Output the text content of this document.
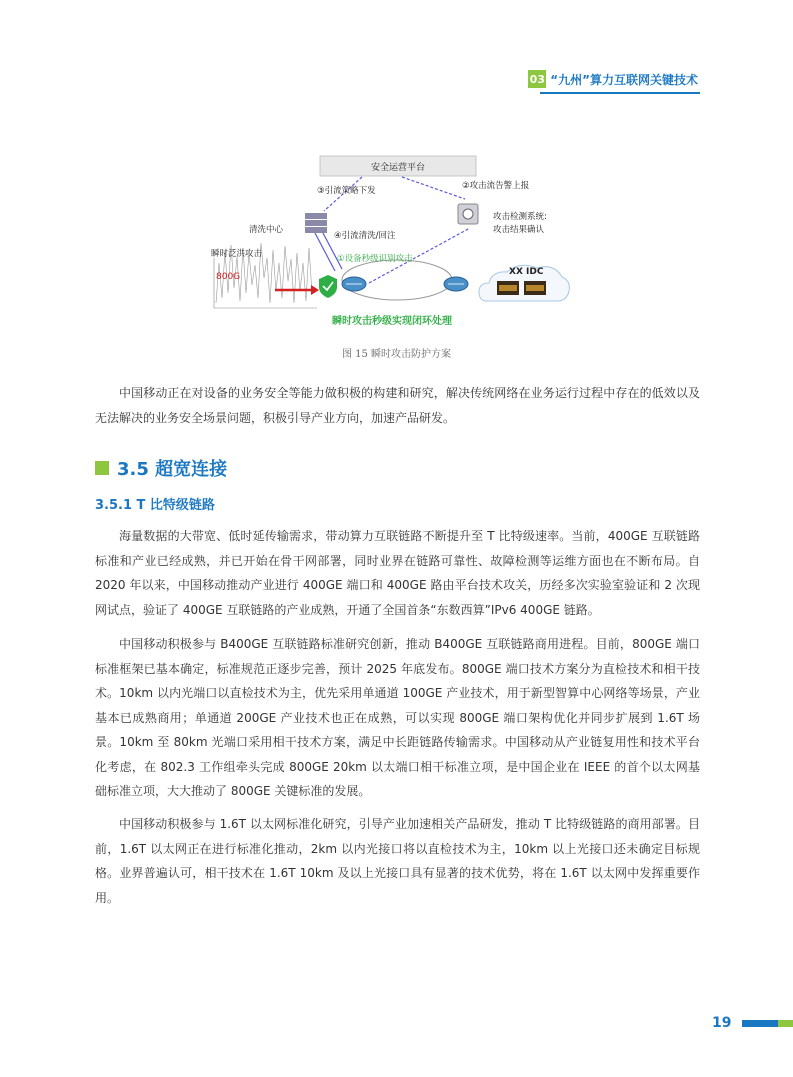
03 “九州”算力互联网关键技术
安全运营平台
③引流策略下发	②攻击流告警上报
清洗中心
攻击检测系统:
攻击结果确认
④引流清洗/回注
瞬时泛洪攻击
800G
①设备秒级识别攻击
XX IDC
瞬时攻击秒级实现闭环处理
图 15 瞬时攻击防护方案

中国移动正在对设备的业务安全等能力做积极的构建和研究，解决传统网络在业务运行过程中存在的低效以及无法解决的业务安全场景问题，积极引导产业方向，加速产品研发。

3.5 超宽连接
3.5.1 T 比特级链路

海量数据的大带宽、低时延传输需求，带动算力互联链路不断提升至 T 比特级速率。当前，400GE 互联链路标准和产业已经成熟，并已开始在骨干网部署，同时业界在链路可靠性、故障检测等运维方面也在不断布局。自 2020 年以来，中国移动推动产业进行 400GE 端口和 400GE 路由平台技术攻关，历经多次实验室验证和 2 次现网试点，验证了 400GE 互联链路的产业成熟，开通了全国首条“东数西算”IPv6 400GE 链路。

中国移动积极参与 B400GE 互联链路标准研究创新，推动 B400GE 互联链路商用进程。目前，800GE 端口标准框架已基本确定，标准规范正逐步完善，预计 2025 年底发布。800GE 端口技术方案分为直检技术和相干技术。10km 以内光端口以直检技术为主，优先采用单通道 100GE 产业技术，用于新型智算中心网络等场景，产业基本已成熟商用；单通道 200GE 产业技术也正在成熟，可以实现 800GE 端口架构优化并同步扩展到 1.6T 场景。10km 至 80km 光端口采用相干技术方案，满足中长距链路传输需求。中国移动从产业链复用性和技术平台化考虑，在 802.3 工作组牵头完成 800GE 20km 以太端口相干标准立项，是中国企业在 IEEE 的首个以太网基础标准立项，大大推动了 800GE 关键标准的发展。

中国移动积极参与 1.6T 以太网标准化研究，引导产业加速相关产品研发，推动 T 比特级链路的商用部署。目前，1.6T 以太网正在进行标准化推动，2km 以内光接口将以直检技术为主，10km 以上光接口还未确定目标规格。业界普遍认可，相干技术在 1.6T 10km 及以上光接口具有显著的技术优势，将在 1.6T 以太网中发挥重要作用。

19
